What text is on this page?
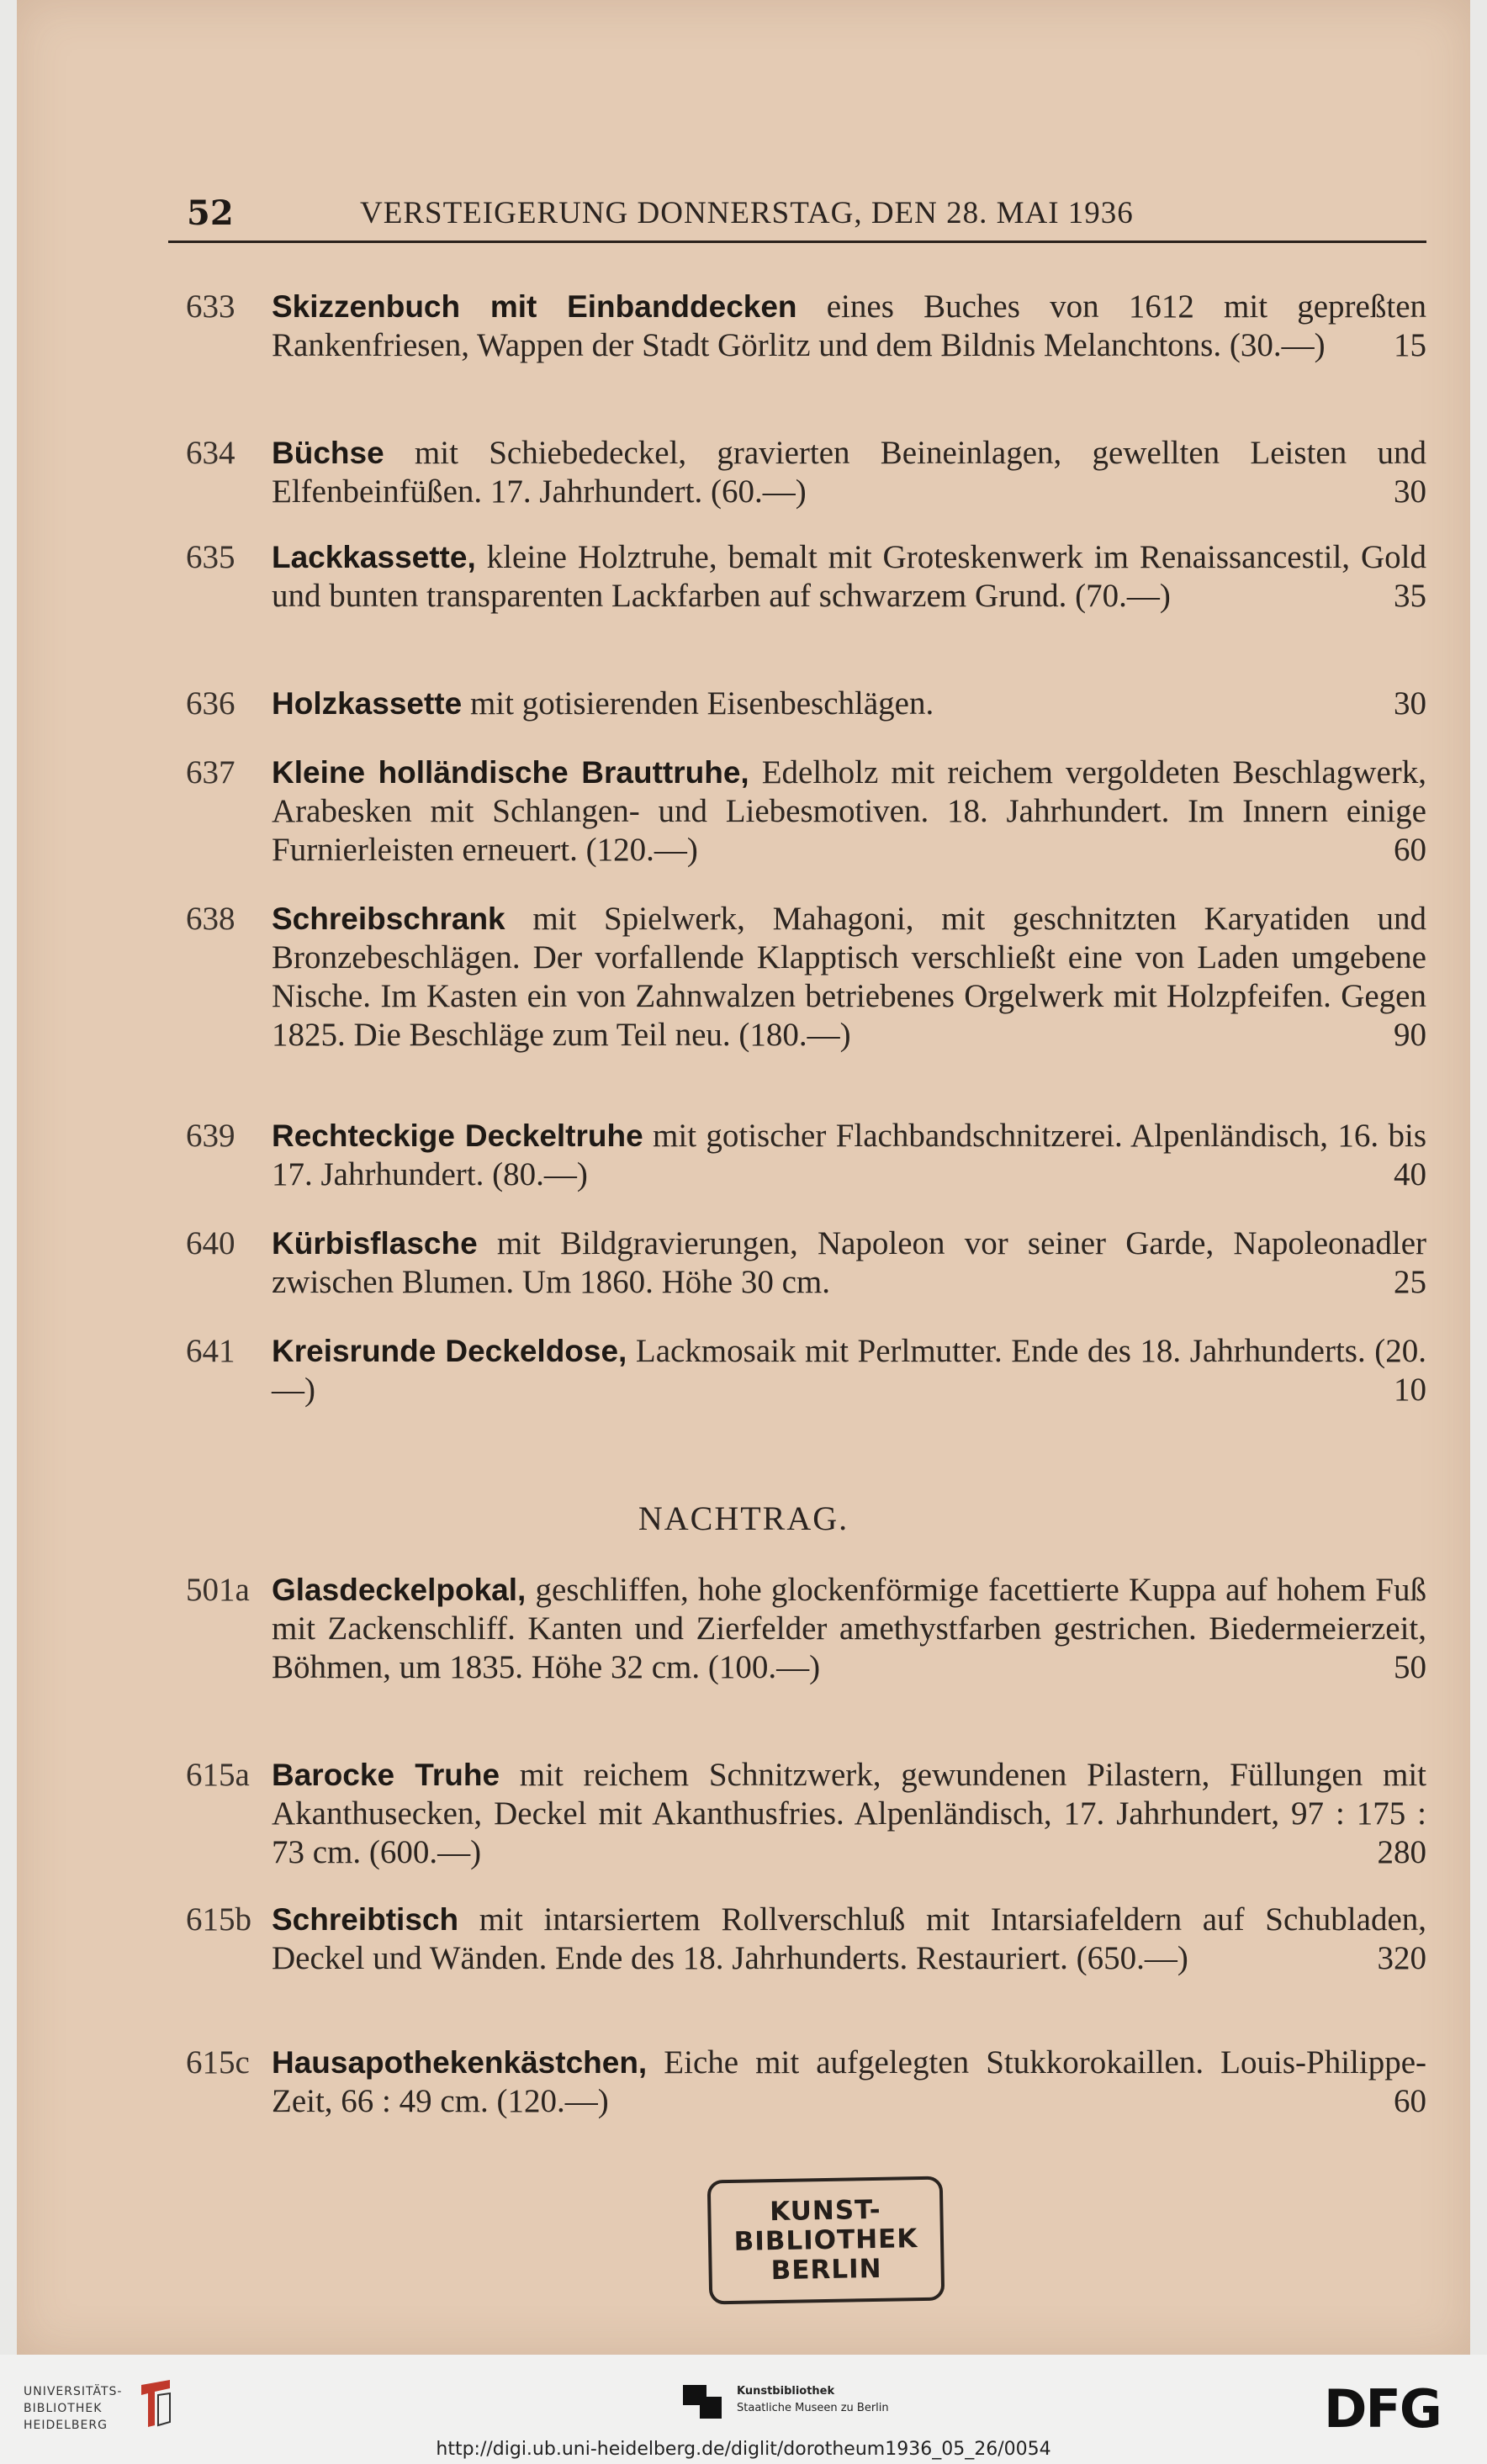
52	VERSTEIGERUNG DONNERSTAG, DEN 28. MAI 1936
633	Skizzenbuch mit Einbanddecken eines Buches von 1612 mit gepreßten Rankenfriesen, Wappen der Stadt Görlitz und dem Bildnis Melanchtons. (30.—) 15
634	Büchse mit Schiebedeckel, gravierten Beineinlagen, gewellten Leisten und Elfenbeinfüßen. 17. Jahrhundert. (60.—)	30
635	Lackkassette, kleine Holztruhe, bemalt mit Groteskenwerk im Renaissancestil, Gold und bunten transparenten Lackfarben auf schwarzem Grund. (70.—)	35
636	Holzkassette mit gotisierenden Eisenbeschlägen.	30
637	Kleine holländische Brauttruhe, Edelholz mit reichem vergoldeten Beschlagwerk, Arabesken mit Schlangen- und Liebesmotiven. 18. Jahrhundert. Im Innern einige Furnierleisten erneuert. (120.—)	60
638	Schreibschrank mit Spielwerk, Mahagoni, mit geschnitzten Karyatiden und Bronzebeschlägen. Der vorfallende Klapptisch verschließt eine von Laden umgebene Nische. Im Kasten ein von Zahnwalzen betriebenes Orgelwerk mit Holzpfeifen. Gegen 1825. Die Beschläge zum Teil neu. (180.—)	90
639	Rechteckige Deckeltruhe mit gotischer Flachbandschnitzerei. Alpenländisch, 16. bis 17. Jahrhundert. (80.—)	40
640	Kürbisflasche mit Bildgravierungen, Napoleon vor seiner Garde, Napoleonadler zwischen Blumen. Um 1860. Höhe 30 cm.	25
641	Kreisrunde Deckeldose, Lackmosaik mit Perlmutter. Ende des 18. Jahrhunderts. (20.—)	10
NACHTRAG.
501a Glasdeckelpokal, geschliffen, hohe glockenförmige facettierte Kuppa auf hohem Fuß mit Zackenschliff. Kanten und Zierfelder amethystfarben gestrichen. Biedermeierzeit, Böhmen, um 1835. Höhe 32 cm. (100.—)	50
615a Barocke Truhe mit reichem Schnitzwerk, gewundenen Pilastern, Füllungen mit Akanthusecken, Deckel mit Akanthusfries. Alpenländisch, 17. Jahrhundert, 97 : 175 : 73 cm. (600.—)	280
615b Schreibtisch mit intarsiertem Rollverschluß mit Intarsiafeldern auf Schubladen, Deckel und Wänden. Ende des 18. Jahrhunderts. Restauriert. (650.—)	320
615c Hausapothekenkästchen, Eiche mit aufgelegten Stukkorokaillen. Louis-Philippe-Zeit, 66 : 49 cm. (120.—)	60
KUNST-
BIBLIOTHEK
BERLIN
UNIVERSITÄTS-
BIBLIOTHEK
HEIDELBERG
Kunstbibliothek
Staatliche Museen zu Berlin	DFG
http://digi.ub.uni-heidelberg.de/diglit/dorotheum1936_05_26/0054
